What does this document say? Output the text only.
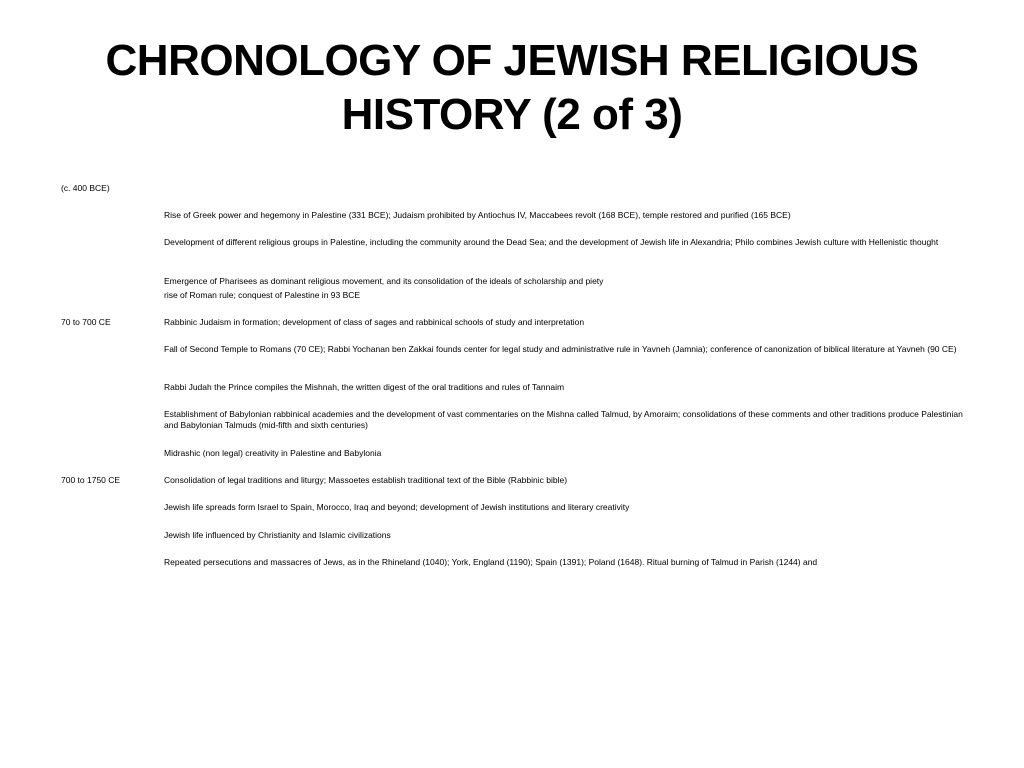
CHRONOLOGY OF JEWISH RELIGIOUS
HISTORY (2 of 3)
(c. 400 BCE)
Rise of Greek power and hegemony in Palestine (331 BCE); Judaism prohibited by Antiochus IV, Maccabees revolt (168 BCE), temple restored and purified (165 BCE)
Development of different religious groups in Palestine, including the community around the Dead Sea; and the development of Jewish life in Alexandria; Philo combines Jewish culture with Hellenistic thought
Emergence of Pharisees as dominant religious movement, and its consolidation of the ideals of scholarship and piety
rise of Roman rule; conquest of Palestine in 93 BCE
70 to 700 CE	Rabbinic Judaism in formation; development of class of sages and rabbinical schools of study and interpretation
Fall of Second Temple to Romans (70 CE); Rabbi Yochanan ben Zakkai founds center for legal study and administrative rule in Yavneh (Jamnia); conference of canonization of biblical literature at Yavneh (90 CE)
Rabbi Judah the Prince compiles the Mishnah, the written digest of the oral traditions and rules of Tannaim
Establishment of Babylonian rabbinical academies and the development of vast commentaries on the Mishna called Talmud, by Amoraim; consolidations of these comments and other traditions produce Palestinian and Babylonian Talmuds (mid-fifth and sixth centuries)
Midrashic (non legal) creativity in Palestine and Babylonia
700 to 1750 CE	Consolidation of legal traditions and liturgy; Massoetes establish traditional text of the Bible (Rabbinic bible)
Jewish life spreads form Israel to Spain, Morocco, Iraq and beyond; development of Jewish institutions and literary creativity
Jewish life influenced by Christianity and Islamic civilizations
Repeated persecutions and massacres of Jews, as in the Rhineland (1040); York, England (1190); Spain (1391); Poland (1648). Ritual burning of Talmud in Parish (1244) and
